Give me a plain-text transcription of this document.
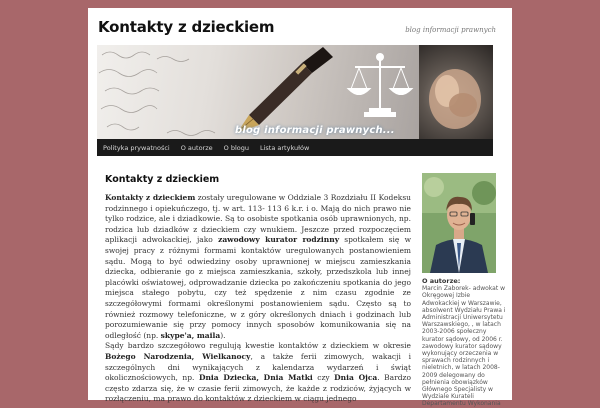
Kontakty z dzieckiem	blog informacji prawnych
blog informacji prawnych...
Polityka prywatności O autorze O blogu Lista artykułów
Kontakty z dzieckiem

Kontakty z dzieckiem zostały uregulowane w Oddziale 3 Rozdziału II Kodeksu rodzinnego i opiekuńczego, tj. w art. 113- 113 6 k.r. i o. Mają do nich prawo nie tylko rodzice, ale i dziadkowie. Są to osobiste spotkania osób uprawnionych, np. rodzica lub dziadków z dzieckiem czy wnukiem. Jeszcze przed rozpoczęciem aplikacji adwokackiej, jako zawodowy kurator rodzinny spotkałem się w swojej pracy z różnymi formami kontaktów uregulowanych postanowieniem sądu. Mogą to być odwiedziny osoby uprawnionej w miejscu zamieszkania dziecka, odbieranie go z miejsca zamieszkania, szkoły, przedszkola lub innej placówki oświatowej, odprowadzanie dziecka po zakończeniu spotkania do jego miejsca stałego pobytu, czy też spędzenie z nim czasu zgodnie ze szczegółowymi formami określonymi postanowieniem sądu. Często są to również rozmowy telefoniczne, w z góry określonych dniach i godzinach lub porozumiewanie się przy pomocy innych sposobów komunikowania się na odległość (np. skype'a, maila).

Sądy bardzo szczegółowo regulują kwestie kontaktów z dzieckiem w okresie Bożego Narodzenia, Wielkanocy, a także ferii zimowych, wakacji i szczególnych dni wynikających z kalendarza wydarzeń i świąt okolicznościowych, np. Dnia Dziecka, Dnia Matki czy Dnia Ojca. Bardzo często zdarza się, że w czasie ferii zimowych, że każde z rodziców, żyjących w rozłączeniu, ma prawo do kontaktów z dzieckiem w ciągu jednego

O autorze:
Marcin Zaborek- adwokat w Okręgowej Izbie Adwokackiej w Warszawie, absolwent Wydziału Prawa i Administracji Uniwersytetu Warszawskiego, , w latach 2003-2006 społeczny kurator sądowy, od 2006 r. zawodowy kurator sądowy wykonujący orzeczenia w sprawach rodzinnych i nieletnich, w latach 2008-2009 delegowany do pełnienia obowiązków Głównego Specjalisty w Wydziale Kurateli Departamentu Wykonania
